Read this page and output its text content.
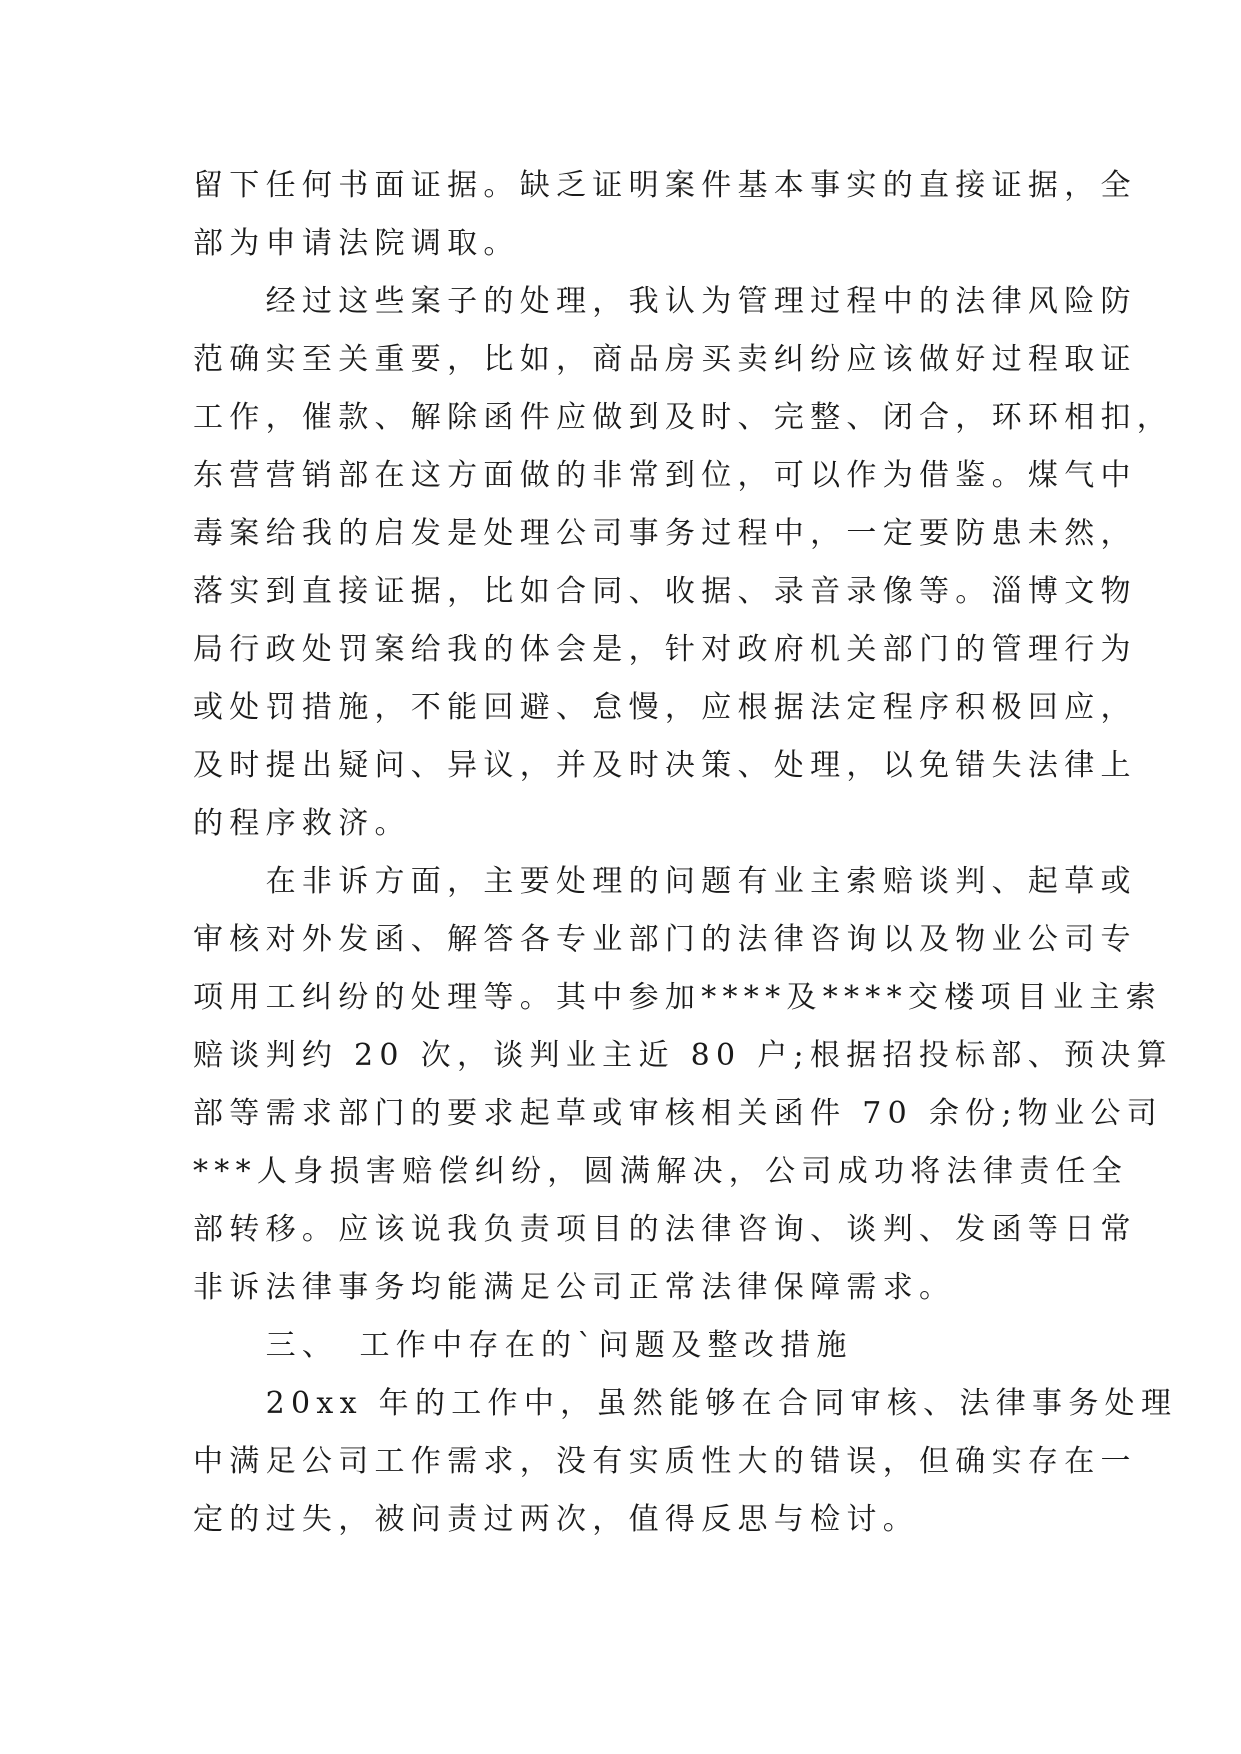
留下任何书面证据。缺乏证明案件基本事实的直接证据，全
部为申请法院调取。
　　经过这些案子的处理，我认为管理过程中的法律风险防
范确实至关重要，比如，商品房买卖纠纷应该做好过程取证
工作，催款、解除函件应做到及时、完整、闭合，环环相扣，
东营营销部在这方面做的非常到位，可以作为借鉴。煤气中
毒案给我的启发是处理公司事务过程中，一定要防患未然，
落实到直接证据，比如合同、收据、录音录像等。淄博文物
局行政处罚案给我的体会是，针对政府机关部门的管理行为
或处罚措施，不能回避、怠慢，应根据法定程序积极回应，
及时提出疑问、异议，并及时决策、处理，以免错失法律上
的程序救济。
　　在非诉方面，主要处理的问题有业主索赔谈判、起草或
审核对外发函、解答各专业部门的法律咨询以及物业公司专
项用工纠纷的处理等。其中参加****及****交楼项目业主索
赔谈判约 20 次，谈判业主近 80 户;根据招投标部、预决算
部等需求部门的要求起草或审核相关函件 70 余份;物业公司
***人身损害赔偿纠纷，圆满解决，公司成功将法律责任全
部转移。应该说我负责项目的法律咨询、谈判、发函等日常
非诉法律事务均能满足公司正常法律保障需求。
　　三、　工作中存在的`问题及整改措施
　　20xx 年的工作中，虽然能够在合同审核、法律事务处理
中满足公司工作需求，没有实质性大的错误，但确实存在一
定的过失，被问责过两次，值得反思与检讨。
